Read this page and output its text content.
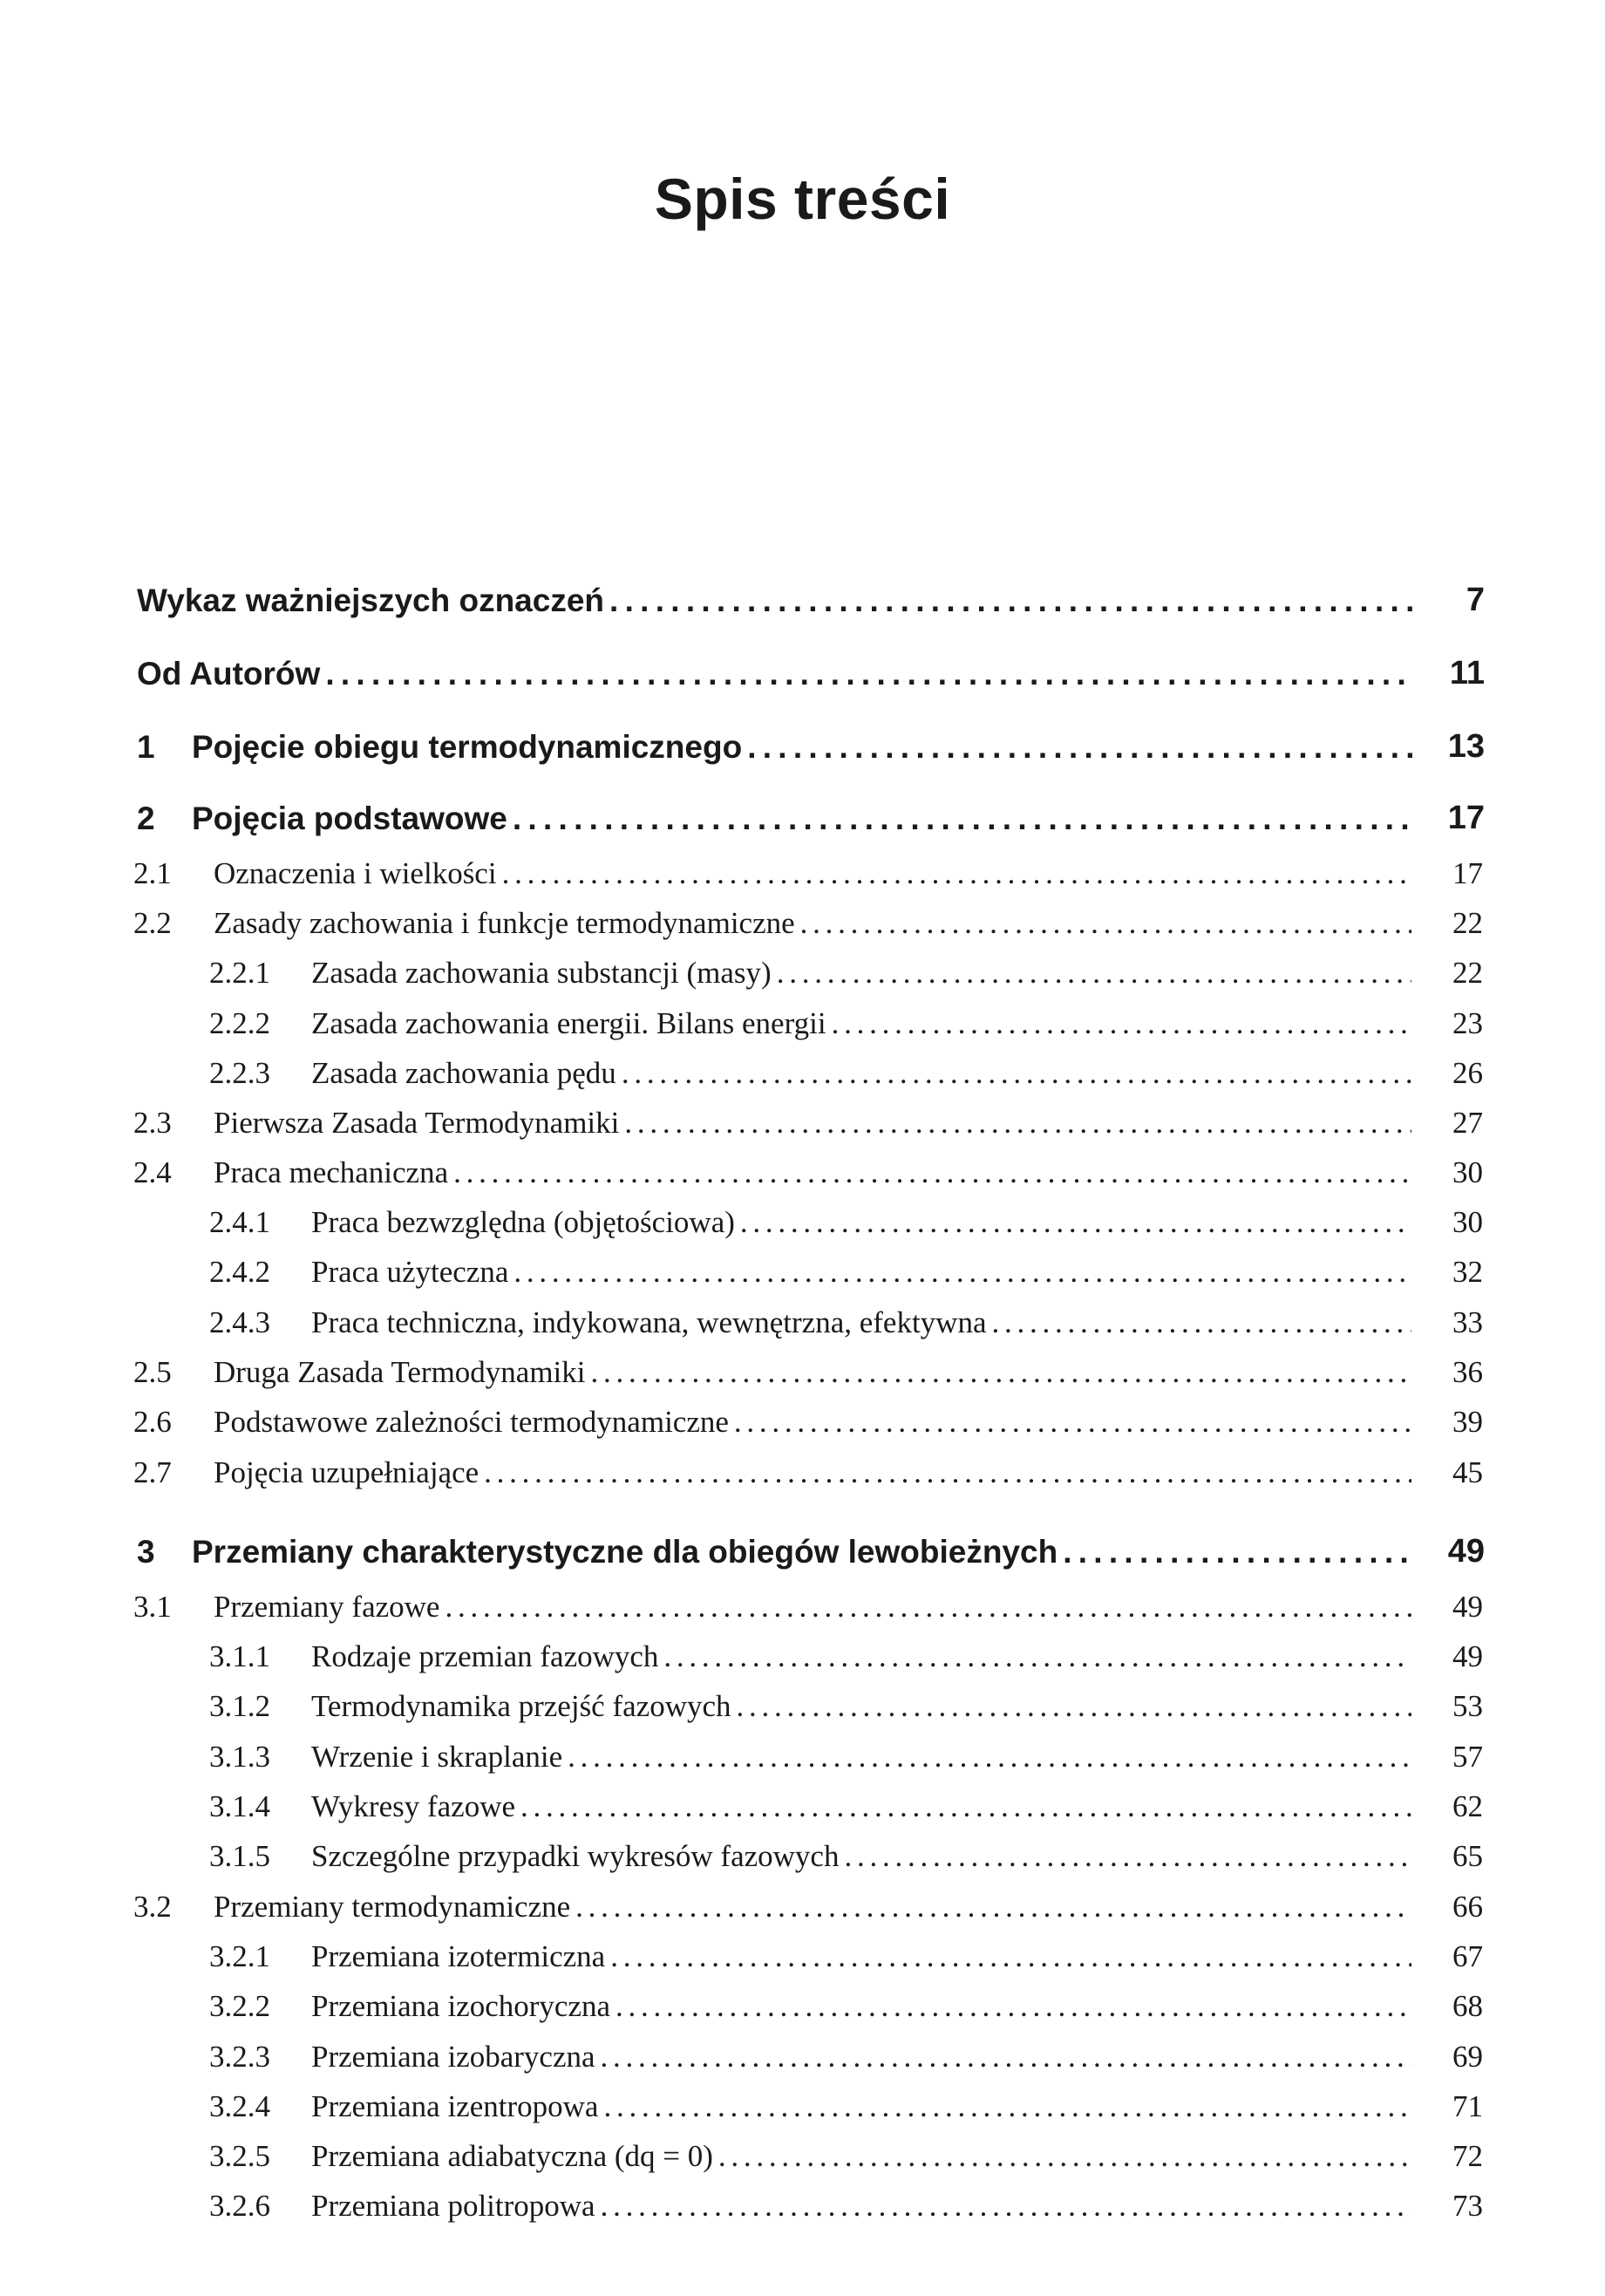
Spis treści
Wykaz ważniejszych oznaczeń . . .	7
Od Autorów . . .	11
1 Pojęcie obiegu termodynamicznego . . .	13
2 Pojęcia podstawowe . . .	17
2.1 Oznaczenia i wielkości . . .	17
2.2 Zasady zachowania i funkcje termodynamiczne . . .	22
2.2.1 Zasada zachowania substancji (masy) . . .	22
2.2.2 Zasada zachowania energii. Bilans energii . . .	23
2.2.3 Zasada zachowania pędu . . .	26
2.3 Pierwsza Zasada Termodynamiki . . .	27
2.4 Praca mechaniczna . . .	30
2.4.1 Praca bezwzględna (objętościowa) . . .	30
2.4.2 Praca użyteczna . . .	32
2.4.3 Praca techniczna, indykowana, wewnętrzna, efektywna . . .	33
2.5 Druga Zasada Termodynamiki . . .	36
2.6 Podstawowe zależności termodynamiczne . . .	39
2.7 Pojęcia uzupełniające . . .	45
3 Przemiany charakterystyczne dla obiegów lewobieżnych . . .	49
3.1 Przemiany fazowe . . .	49
3.1.1 Rodzaje przemian fazowych . . .	49
3.1.2 Termodynamika przejść fazowych . . .	53
3.1.3 Wrzenie i skraplanie . . .	57
3.1.4 Wykresy fazowe . . .	62
3.1.5 Szczególne przypadki wykresów fazowych . . .	65
3.2 Przemiany termodynamiczne . . .	66
3.2.1 Przemiana izotermiczna . . .	67
3.2.2 Przemiana izochoryczna . . .	68
3.2.3 Przemiana izobaryczna . . .	69
3.2.4 Przemiana izentropowa . . .	71
3.2.5 Przemiana adiabatyczna (dq = 0) . . .	72
3.2.6 Przemiana politropowa . . .	73
